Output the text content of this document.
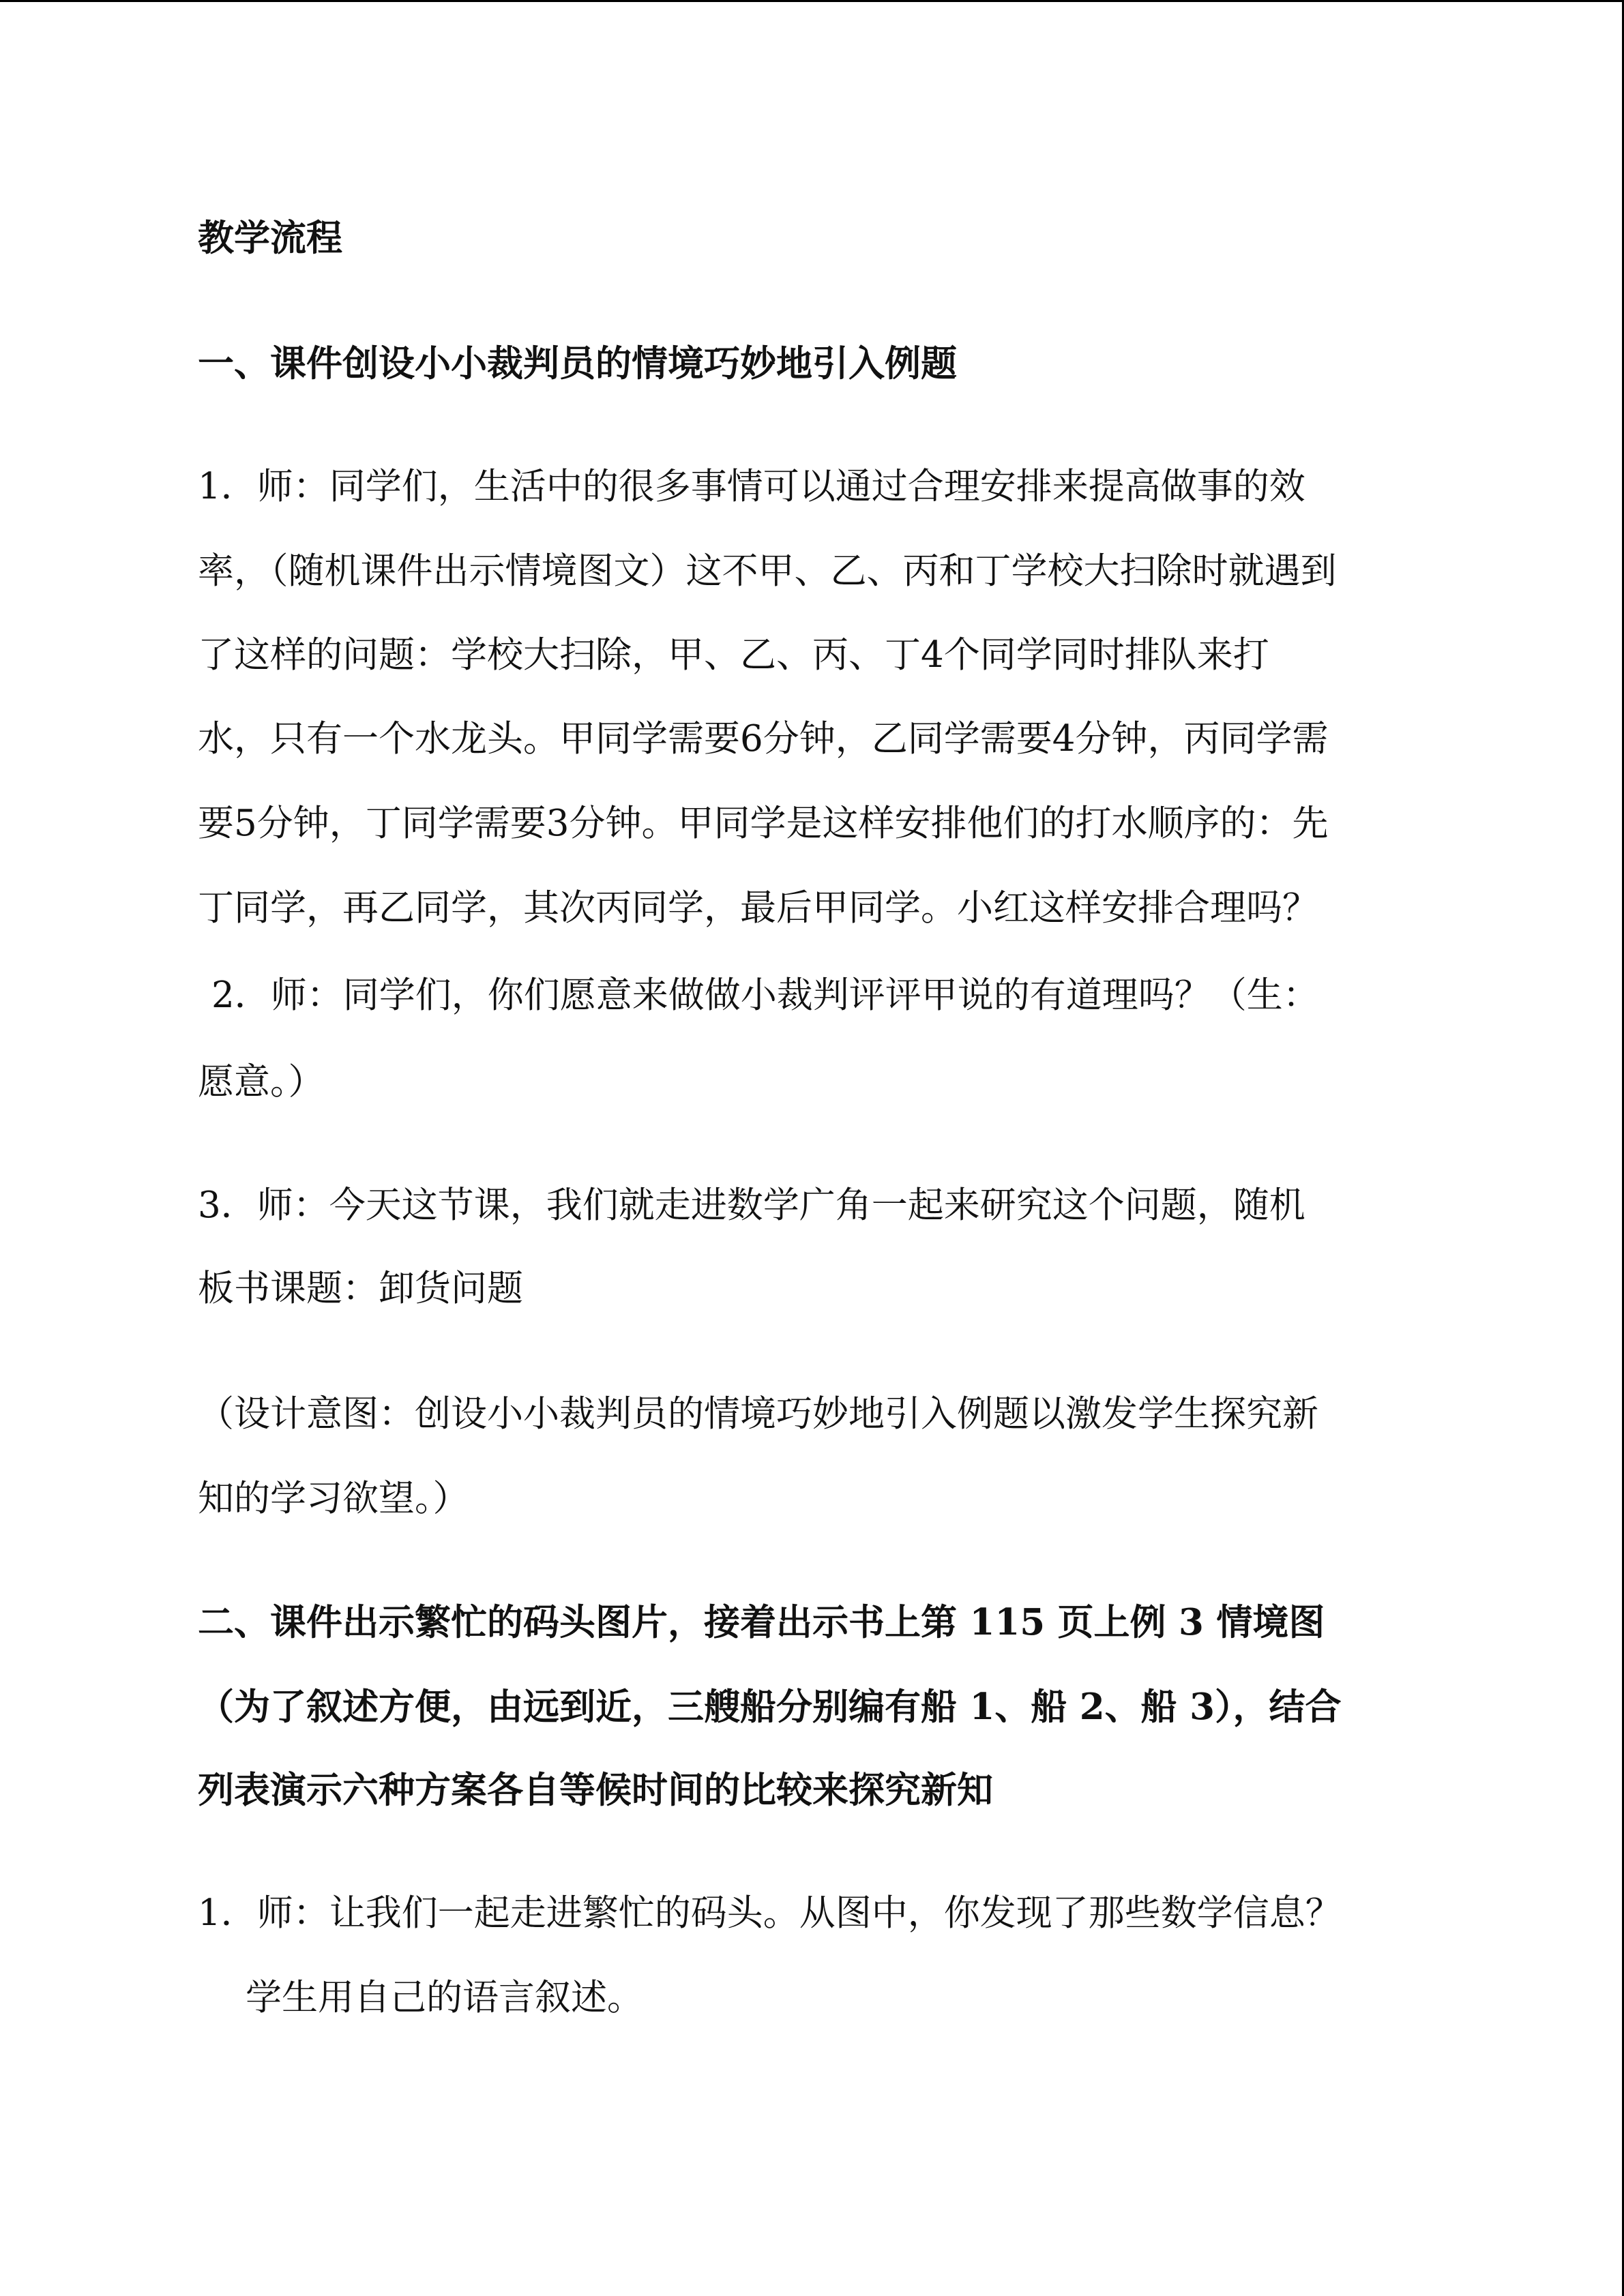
教学流程
一、课件创设小小裁判员的情境巧妙地引入例题
1．师：同学们，生活中的很多事情可以通过合理安排来提高做事的效
率，（随机课件出示情境图文）这不甲、乙、丙和丁学校大扫除时就遇到
了这样的问题：学校大扫除，甲、乙、丙、丁4个同学同时排队来打
水，只有一个水龙头。甲同学需要6分钟，乙同学需要4分钟，丙同学需
要5分钟，丁同学需要3分钟。甲同学是这样安排他们的打水顺序的：先
丁同学，再乙同学，其次丙同学，最后甲同学。小红这样安排合理吗？
2．师：同学们，你们愿意来做做小裁判评评甲说的有道理吗？（生：
愿意。）
3．师：今天这节课，我们就走进数学广角一起来研究这个问题，随机
板书课题：卸货问题
（设计意图：创设小小裁判员的情境巧妙地引入例题以激发学生探究新
知的学习欲望。）
二、课件出示繁忙的码头图片，接着出示书上第 115 页上例 3 情境图
（为了叙述方便，由远到近，三艘船分别编有船 1、船 2、船 3），结合
列表演示六种方案各自等候时间的比较来探究新知
1．师：让我们一起走进繁忙的码头。从图中，你发现了那些数学信息？
学生用自己的语言叙述。
